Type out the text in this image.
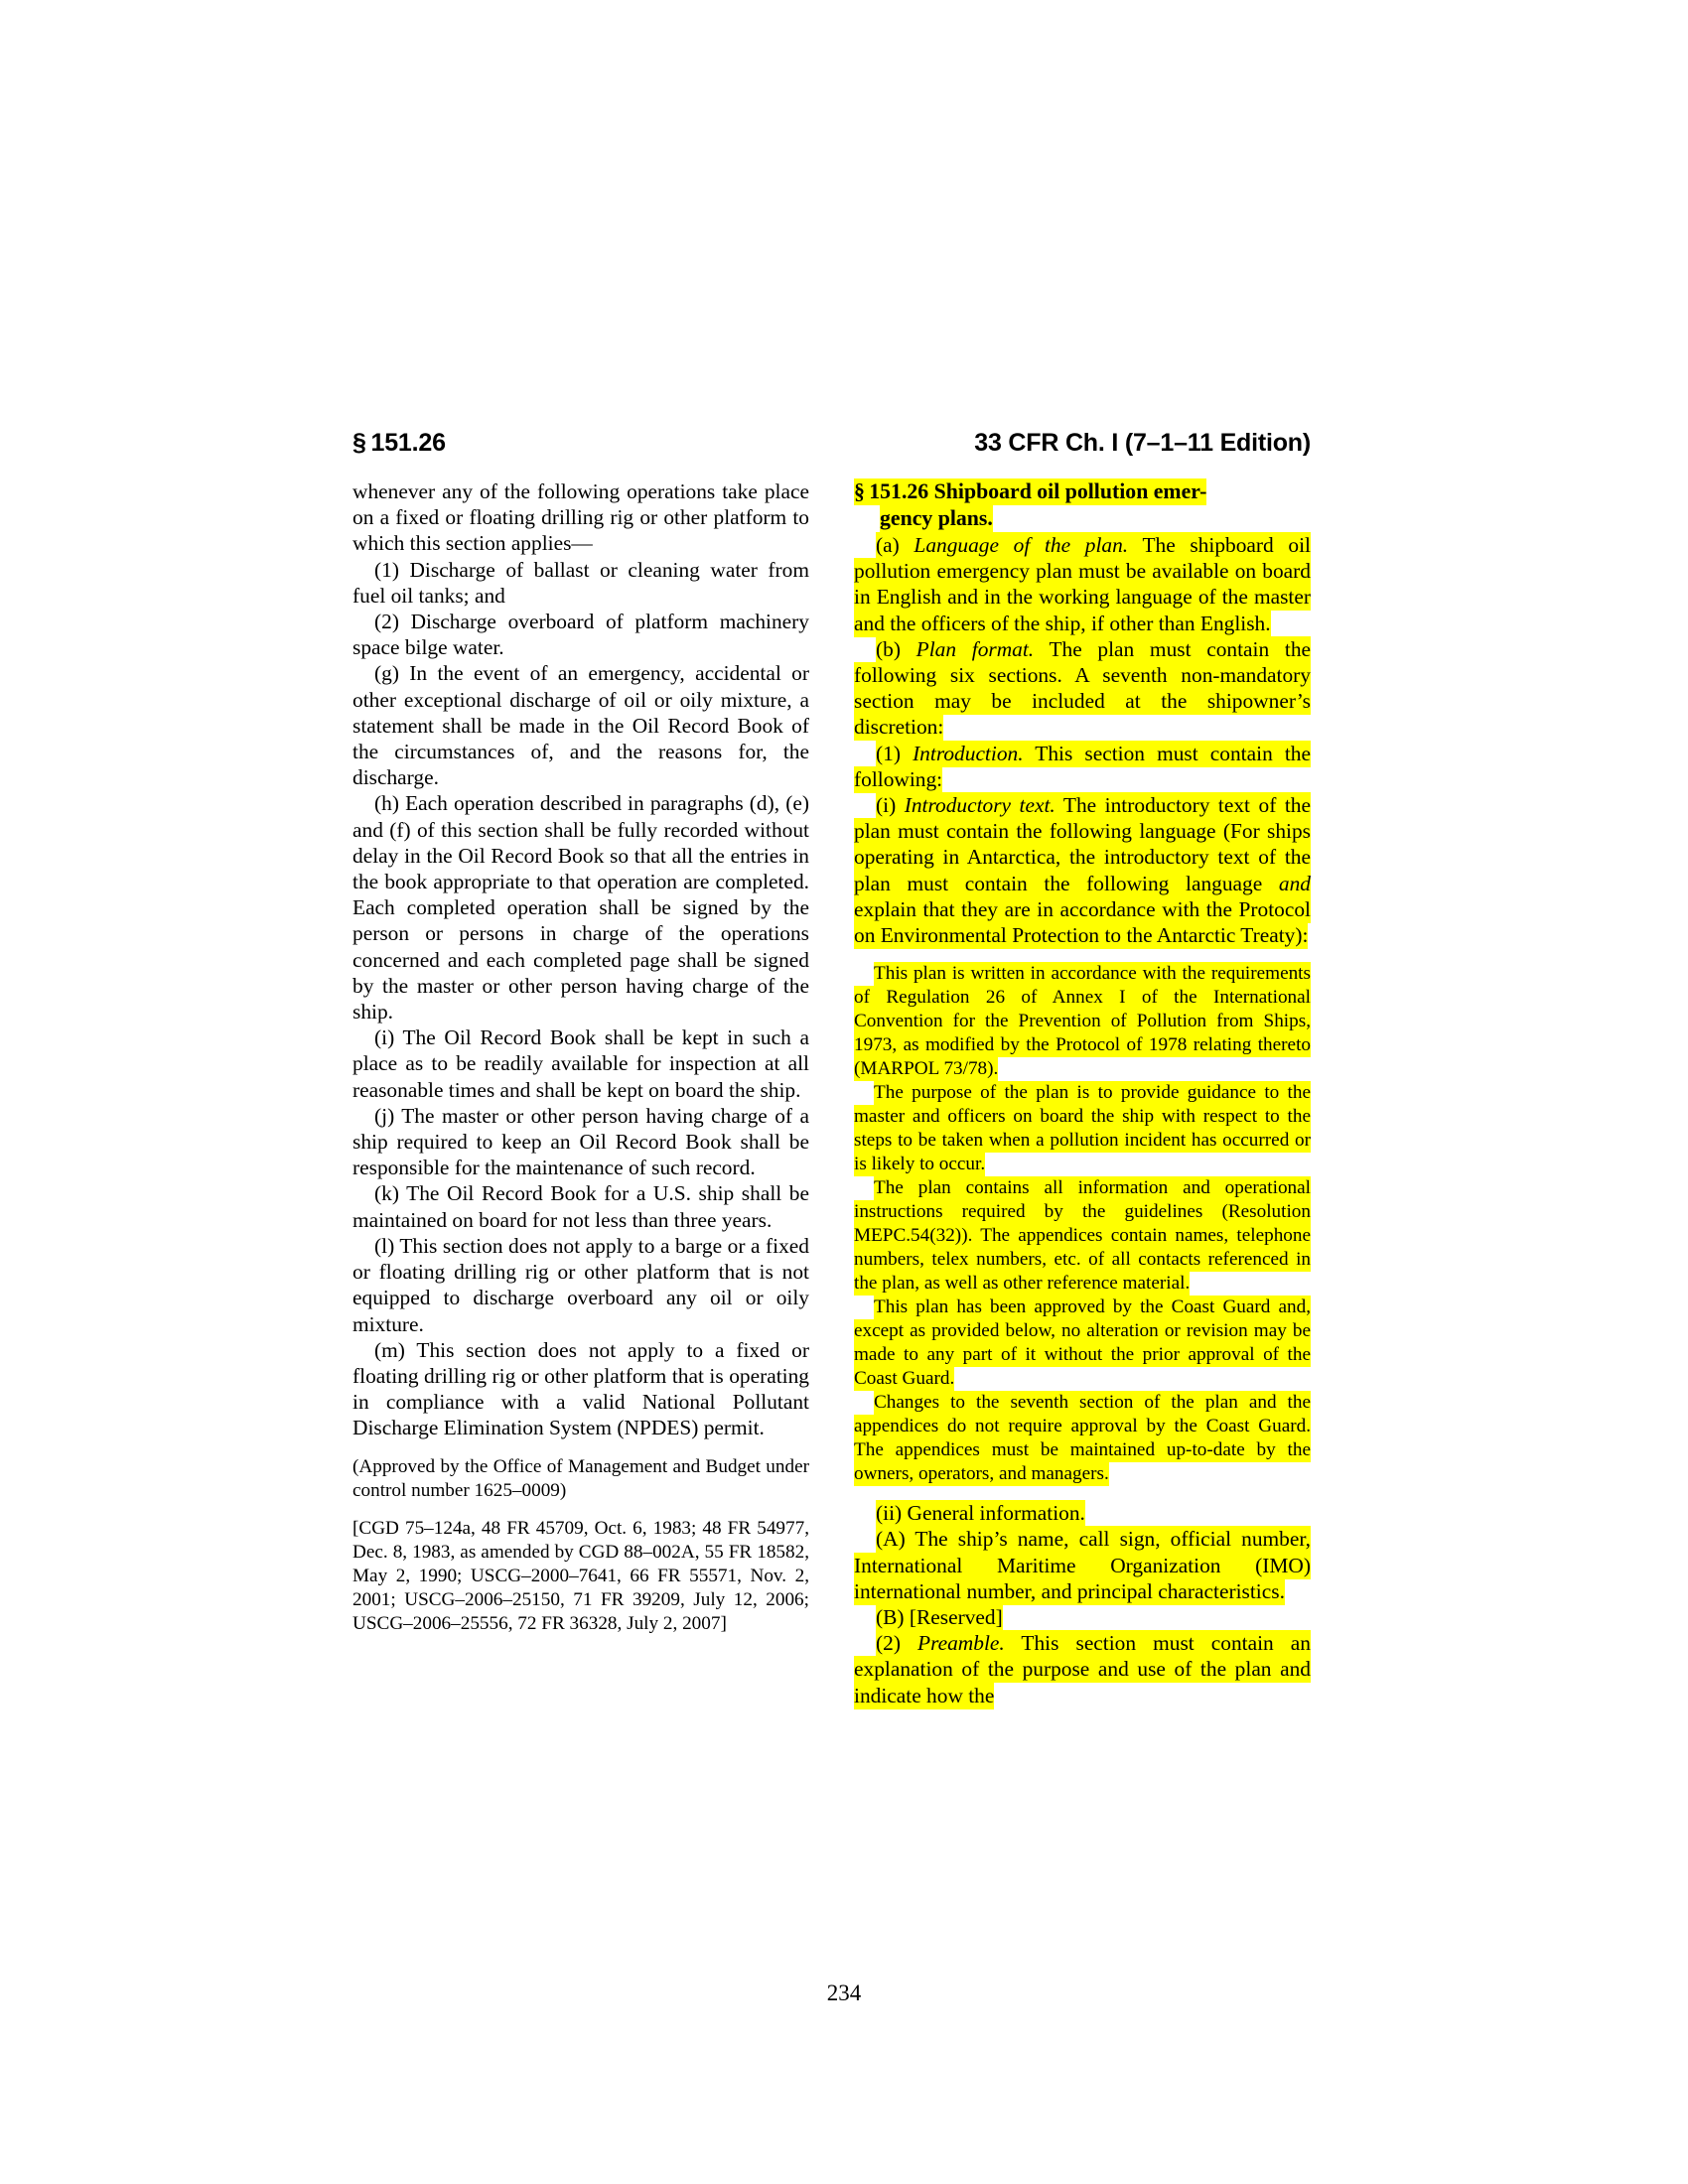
§ 151.26	33 CFR Ch. I (7–1–11 Edition)

whenever any of the following operations take place on a fixed or floating drilling rig or other platform to which this section applies—

(1) Discharge of ballast or cleaning water from fuel oil tanks; and

(2) Discharge overboard of platform machinery space bilge water.

(g) In the event of an emergency, accidental or other exceptional discharge of oil or oily mixture, a statement shall be made in the Oil Record Book of the circumstances of, and the reasons for, the discharge.

(h) Each operation described in paragraphs (d), (e) and (f) of this section shall be fully recorded without delay in the Oil Record Book so that all the entries in the book appropriate to that operation are completed. Each completed operation shall be signed by the person or persons in charge of the operations concerned and each completed page shall be signed by the master or other person having charge of the ship.

(i) The Oil Record Book shall be kept in such a place as to be readily available for inspection at all reasonable times and shall be kept on board the ship.

(j) The master or other person having charge of a ship required to keep an Oil Record Book shall be responsible for the maintenance of such record.

(k) The Oil Record Book for a U.S. ship shall be maintained on board for not less than three years.

(l) This section does not apply to a barge or a fixed or floating drilling rig or other platform that is not equipped to discharge overboard any oil or oily mixture.

(m) This section does not apply to a fixed or floating drilling rig or other platform that is operating in compliance with a valid National Pollutant Discharge Elimination System (NPDES) permit.

(Approved by the Office of Management and Budget under control number 1625–0009)

[CGD 75–124a, 48 FR 45709, Oct. 6, 1983; 48 FR 54977, Dec. 8, 1983, as amended by CGD 88–002A, 55 FR 18582, May 2, 1990; USCG–2000–7641, 66 FR 55571, Nov. 2, 2001; USCG–2006–25150, 71 FR 39209, July 12, 2006; USCG–2006–25556, 72 FR 36328, July 2, 2007]

§ 151.26 Shipboard oil pollution emer-

gency plans.

(a) Language of the plan. The shipboard oil pollution emergency plan must be available on board in English and in the working language of the master and the officers of the ship, if other than English.

(b) Plan format. The plan must contain the following six sections. A seventh non-mandatory section may be included at the shipowner’s discretion:

(1) Introduction. This section must contain the following:

(i) Introductory text. The introductory text of the plan must contain the following language (For ships operating in Antarctica, the introductory text of the plan must contain the following language and explain that they are in accordance with the Protocol on Environmental Protection to the Antarctic Treaty):

This plan is written in accordance with the requirements of Regulation 26 of Annex I of the International Convention for the Prevention of Pollution from Ships, 1973, as modified by the Protocol of 1978 relating thereto (MARPOL 73/78).

The purpose of the plan is to provide guidance to the master and officers on board the ship with respect to the steps to be taken when a pollution incident has occurred or is likely to occur.

The plan contains all information and operational instructions required by the guidelines (Resolution MEPC.54(32)). The appendices contain names, telephone numbers, telex numbers, etc. of all contacts referenced in the plan, as well as other reference material.

This plan has been approved by the Coast Guard and, except as provided below, no alteration or revision may be made to any part of it without the prior approval of the Coast Guard.

Changes to the seventh section of the plan and the appendices do not require approval by the Coast Guard. The appendices must be maintained up-to-date by the owners, operators, and managers.

(ii) General information.

(A) The ship’s name, call sign, official number, International Maritime Organization (IMO) international number, and principal characteristics.

(B) [Reserved]

(2) Preamble. This section must contain an explanation of the purpose and use of the plan and indicate how the

234
